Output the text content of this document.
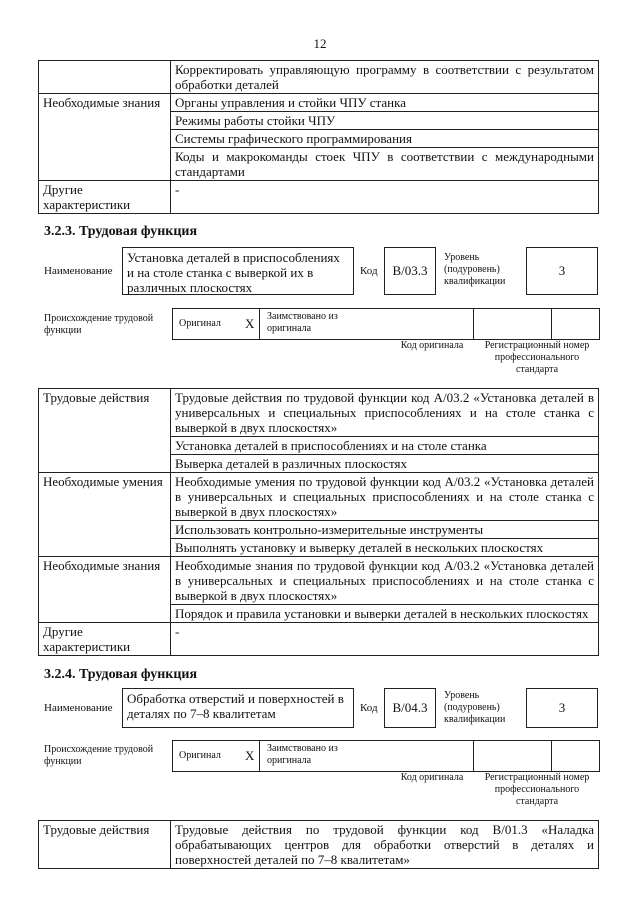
12
	Корректировать управляющую программу в соответствии с результатом обработки деталей
Необходимые знания	Органы управления и стойки ЧПУ станка
	Режимы работы стойки ЧПУ
	Системы графического программирования
	Коды и макрокоманды стоек ЧПУ в соответствии с международными стандартами
Другие характеристики	-
3.2.3. Трудовая функция
Наименование
Установка деталей в приспособлениях и на столе станка с выверкой их в различных плоскостях
Код B/03.3
Уровень (подуровень) квалификации
3
Происхождение трудовой функции
Оригинал X Заимствовано из оригинала
Код оригинала	Регистрационный номер профессионального стандарта
Трудовые действия	Трудовые действия по трудовой функции код А/03.2 «Установка деталей в универсальных и специальных приспособлениях и на столе станка с выверкой в двух плоскостях»
	Установка деталей в приспособлениях и на столе станка
	Выверка деталей в различных плоскостях
Необходимые умения	Необходимые умения по трудовой функции код А/03.2 «Установка деталей в универсальных и специальных приспособлениях и на столе станка с выверкой в двух плоскостях»
	Использовать контрольно-измерительные инструменты
	Выполнять установку и выверку деталей в нескольких плоскостях
Необходимые знания	Необходимые знания по трудовой функции код А/03.2 «Установка деталей в универсальных и специальных приспособлениях и на столе станка с выверкой в двух плоскостях»
	Порядок и правила установки и выверки деталей в нескольких плоскостях
Другие характеристики	-
3.2.4. Трудовая функция
Наименование
Обработка отверстий и поверхностей в деталях по 7–8 квалитетам	Код B/04.3
Уровень (подуровень) квалификации
3
Происхождение трудовой функции
Оригинал X Заимствовано из оригинала
Код оригинала	Регистрационный номер профессионального стандарта
Трудовые действия	Трудовые действия по трудовой функции код В/01.3 «Наладка обрабатывающих центров для обработки отверстий в деталях и поверхностей деталей по 7–8 квалитетам»
